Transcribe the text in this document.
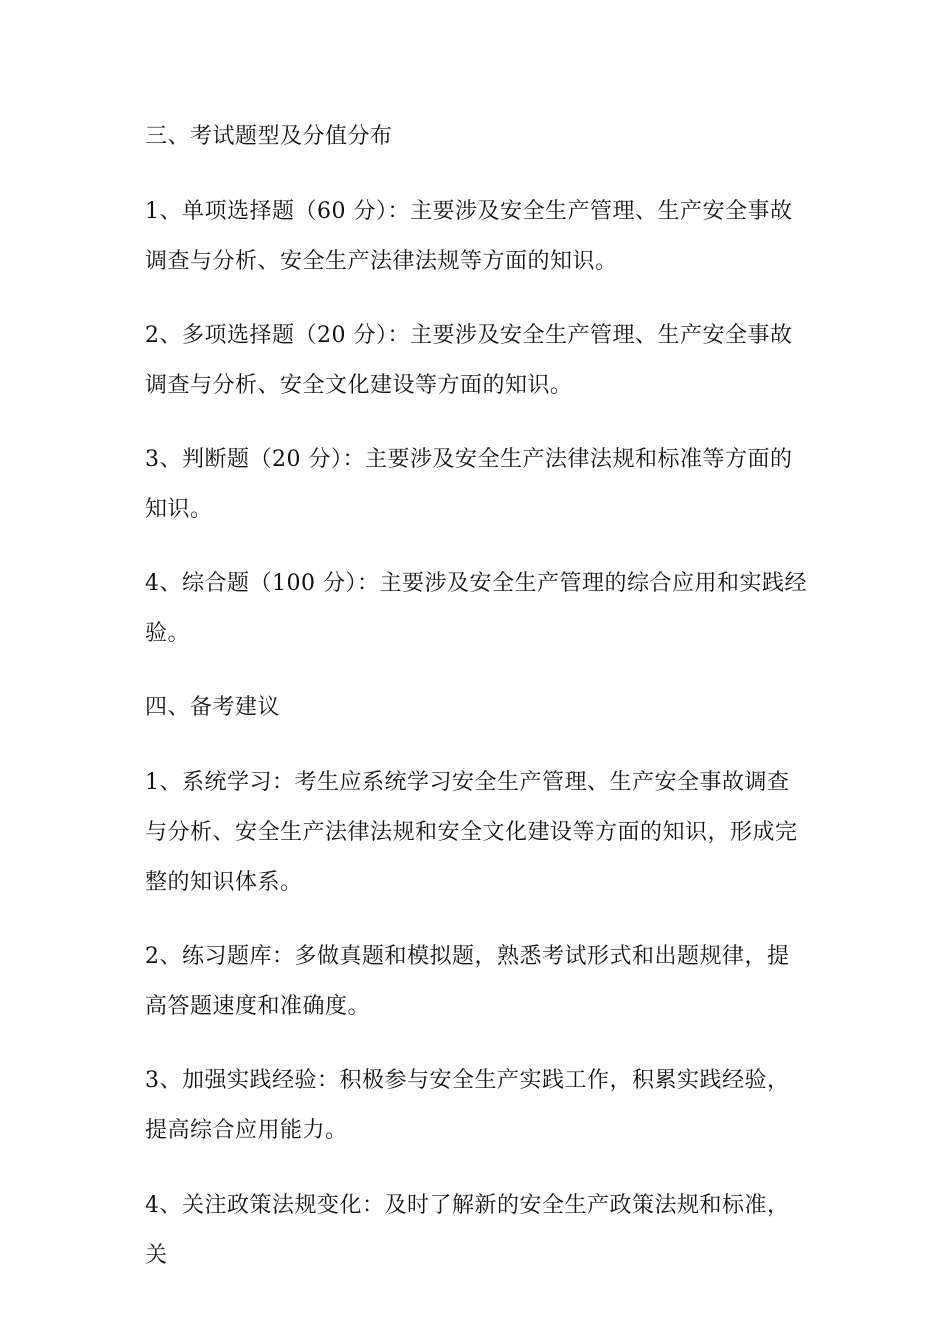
三、考试题型及分值分布

1、单项选择题（60 分）：主要涉及安全生产管理、生产安全事故调查与分析、安全生产法律法规等方面的知识。

2、多项选择题（20 分）：主要涉及安全生产管理、生产安全事故调查与分析、安全文化建设等方面的知识。

3、判断题（20 分）：主要涉及安全生产法律法规和标准等方面的知识。

4、综合题（100 分）：主要涉及安全生产管理的综合应用和实践经验。

四、备考建议

1、系统学习：考生应系统学习安全生产管理、生产安全事故调查与分析、安全生产法律法规和安全文化建设等方面的知识，形成完整的知识体系。

2、练习题库：多做真题和模拟题，熟悉考试形式和出题规律，提高答题速度和准确度。

3、加强实践经验：积极参与安全生产实践工作，积累实践经验，提高综合应用能力。

4、关注政策法规变化：及时了解新的安全生产政策法规和标准，关
